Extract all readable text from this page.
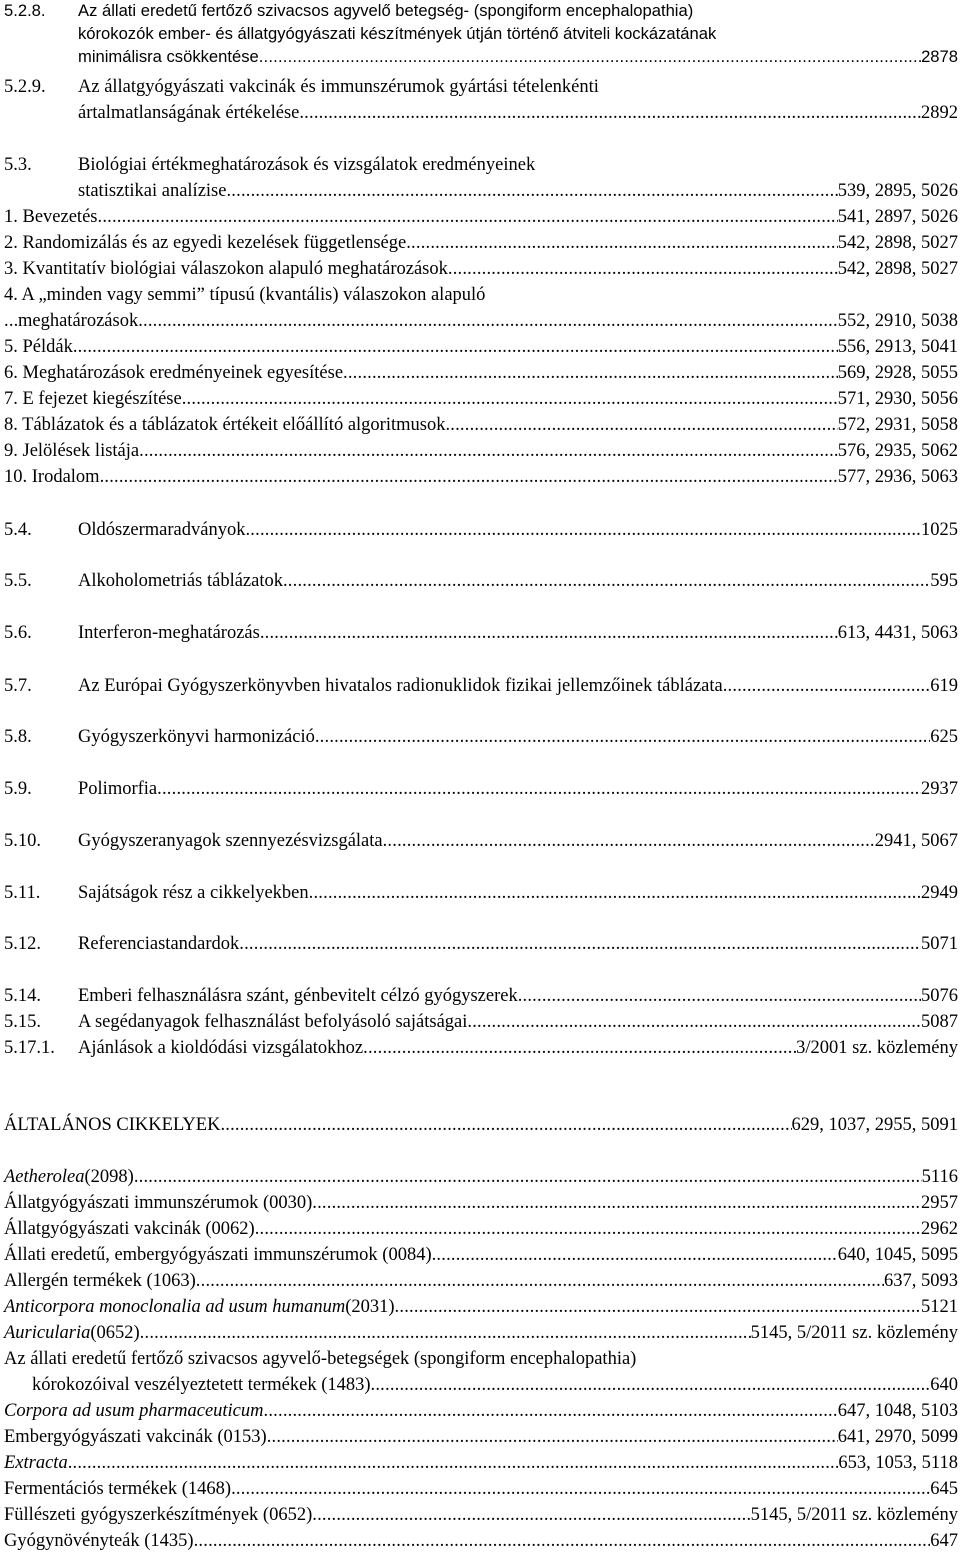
5.2.8.	Az állati eredetű fertőző szivacsos agyvelő betegség- (spongiform encephalopathia)
kórokozók ember- és állatgyógyászati készítmények útján történő átviteli kockázatának
minimálisra csökkentése .....	2878
5.2.9.	Az állatgyógyászati vakcinák és immunszérumok gyártási tételenkénti
ártalmatlanságának értékelése .....	2892
5.3.	Biológiai értékmeghatározások és vizsgálatok eredményeinek
statisztikai analízise .....	539, 2895, 5026
1. Bevezetés .....	541, 2897, 5026
2. Randomizálás és az egyedi kezelések függetlensége .....	542, 2898, 5027
3. Kvantitatív biológiai válaszokon alapuló meghatározások .....	542, 2898, 5027
4. A „minden vagy semmi” típusú (kvantális) válaszokon alapuló
.....
meghatározások .....	552, 2910, 5038
5. Példák .....	556, 2913, 5041
6. Meghatározások eredményeinek egyesítése .....	569, 2928, 5055
7. E fejezet kiegészítése .....	571, 2930, 5056
8. Táblázatok és a táblázatok értékeit előállító algoritmusok .....	572, 2931, 5058
9. Jelölések listája .....	576, 2935, 5062
10. Irodalom .....	577, 2936, 5063
5.4.	Oldószermaradványok .....	1025
5.5.	Alkoholometriás táblázatok .....	595
5.6.	Interferon-meghatározás .....	613, 4431, 5063
5.7.	Az Európai Gyógyszerkönyvben hivatalos radionuklidok fizikai jellemzőinek táblázata .....	619
5.8.	Gyógyszerkönyvi harmonizáció .....	625
5.9.	Polimorfia .....	2937
5.10.	Gyógyszeranyagok szennyezésvizsgálata .....	2941, 5067
5.11.	Sajátságok rész a cikkelyekben .....	2949
5.12.	Referenciastandardok .....	5071
5.14.	Emberi felhasználásra szánt, génbevitelt célzó gyógyszerek .....	5076
5.15.	A segédanyagok felhasználást befolyásoló sajátságai .....	5087
5.17.1.	Ajánlások a kioldódási vizsgálatokhoz .....	3/2001 sz. közlemény
ÁLTALÁNOS CIKKELYEK .....	629, 1037, 2955, 5091
Aetherolea (2098) .....	5116
Állatgyógyászati immunszérumok (0030) .....	2957
Állatgyógyászati vakcinák (0062) .....	2962
Állati eredetű, embergyógyászati immunszérumok (0084) .....	640, 1045, 5095
Allergén termékek (1063) .....	637, 5093
Anticorpora monoclonalia ad usum humanum (2031) .....	5121
Auricularia (0652) .....	5145, 5/2011 sz. közlemény
Az állati eredetű fertőző szivacsos agyvelő-betegségek (spongiform encephalopathia)
kórokozóival veszélyeztetett termékek (1483) .....	640
Corpora ad usum pharmaceuticum .....	647, 1048, 5103
Embergyógyászati vakcinák (0153) .....	641, 2970, 5099
Extracta .....	653, 1053, 5118
Fermentációs termékek (1468) .....	645
Füllészeti gyógyszerkészítmények (0652) .....	5145, 5/2011 sz. közlemény
Gyógynövényteák (1435) .....	647
